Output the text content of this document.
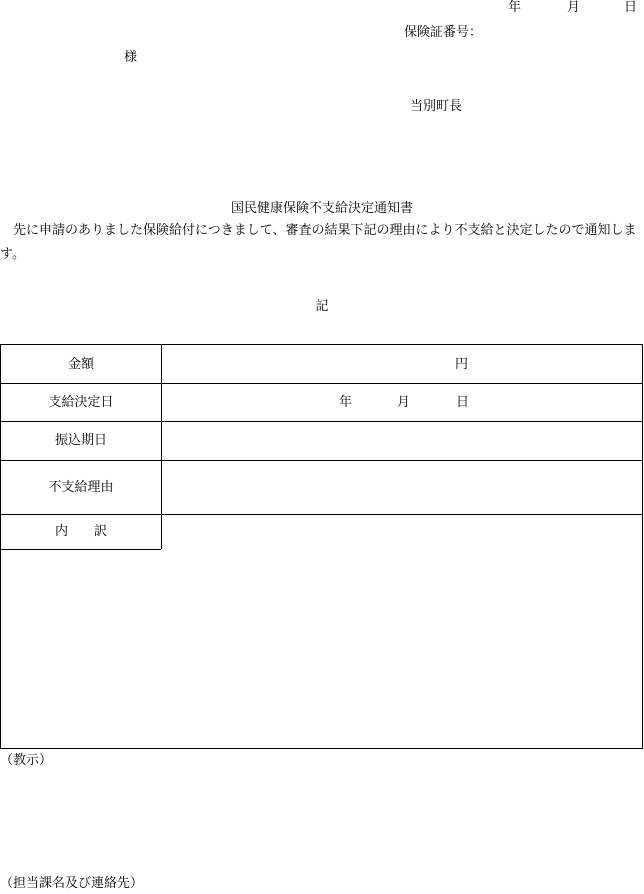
年	月	日
保険証番号：
様
当別町長
国民健康保険不支給決定通知書
先に申請のありました保険給付につきまして、審査の結果下記の理由により不支給と決定したので通知します。
記
金額	円
支給決定日	年	月	日
振込期日
不支給理由
内　　訳
（教示）
（担当課名及び連絡先）
